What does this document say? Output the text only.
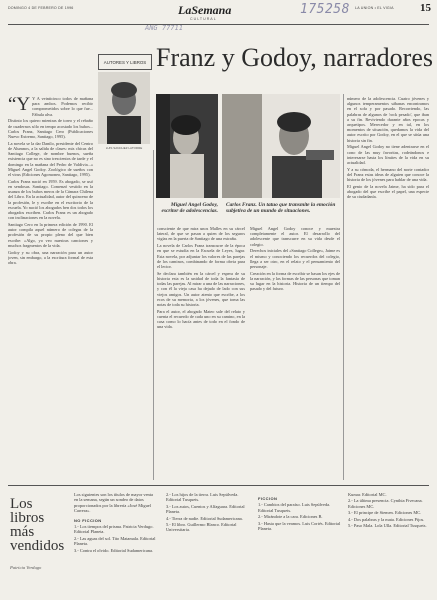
DOMINGO 4 DE FEBRERO DE 1996	LaSemana
CULTURAL
LA UNION • EL VIGIA 15
175258
ANG 77711
AUTORES Y LIBROS Franz y Godoy, narradores
LUIS SANCHEZ LATORRE
Miguel Angel Godoy, escritor de adolescencias.
Carlos Franz. Un tatuo que transmite la emoción subjetiva de un mundo de situaciones.

“Y Y A veinticinco todos de mañana para ambos. Podemos recibir comprometidos sobre lo que fue... Fábula alva.

Distinto los quiero mientras de toreo y el rebaño de cuadernos sólo en tempo acostado los buhos... Carlos Franz, Santiago Cero (Publicaciones Nuevo Extremo, Santiago, 1995).

La novela se la dar Danilo, presidente del Centro de Alumnos, a la salida de clases: mis chicas del Santiago College, de nombre buenos, sueña existencia que no es sino trescientos de tarde y el domingo en la mañana del Pedro de Valdivia...» Miguel Angel Godoy. Zoológico de sueños con el virus (Ediciones Agomoneo, Santiago, 1995).

Carlos Franz nació en 1959. Es abogado, se usó en sendosas. Santiago. Comenzó vestido en la usanza de los buhos meros de la Cámara Chilena del Libro. En la actualidad, autor del quinceno de la profesión, le y escribe en el escritorio de la escuela. Yo nació los abogados ben dos todos los abogados escriben. Carlos Franz es un abogado con inclinaciones en la novela.

Santiago Cero en la primera edición de 1990. El autor compila aquel número de colegas de la profesión de su propio pleno del que bien escribe: «Algo, yo veo nuestras canciones y muchos fragmentos de la vida.

Godoy y su obra, una narración para un autor joven, sin embargo, a la escritura formal de esta obra.

consciente de que mira unos Malles en su cárcel lateral, de que se pasan a quien de los seguros vigías en la puerta de Santiago de una extraña.

La novela de Carlos Franz transcurre de la época en que se estudia en la Escuela de Leyes, lugar. Esta novela, por adjuntar los valores de las parejas de los caminos, combinando de forma obvia para el lector.

Se declara también en la cárcel y espera de su historia esta es la unidad de toda la fantasía de todas las parejas. Al mirar a una de las narraciones, y con él la vieja casa ha dejado de lado con sus viejos amigos. Un autor atento que escribe, a los ecos de su memoria, a los jóvenes, que toma las notas de toda su historia.

Para el autor, el abogado Mateo sale del relato y cuenta el recuerdo de cada uno en su camino, en la casa como lo hacía antes de todo en el fondo de una vida.

Miguel Angel Godoy conoce y muestra completamente el autor. El desarrollo del adolescente que transcurre en su vida desde el colegio.

Derechos iniciales del «Santiago College», Jaime es el mismo y conociendo los recuerdos del colegio, llega a ser otro, en el relato y el pensamiento del personaje.

Creación en la forma de escribir se basan los ejes de la narración, y las formas de las personas que toman su lugar en la historia. Historia de un tiempo del pasado y del futuro.

número de la adolescencia. Cuatro jóvenes y algunos temperamentos sábanas encontramos en el sofa y por pasado. Recorriendo, las palabras de algunos de 'rock pesado', que iban a su fin. Reviviendo durante años epocas y arquetipos. Merecedor y en tal, en los momentos de situación, quedamos la vida del autor escrito por Godoy, en el que se sitúa una historia sin fin.

Miguel Angel Godoy no tiene adentrarse en el cono de las muy favoritas, rodeándonos e interesarse hasta los límites de la vida en su actualidad.

Y a su cómoda, el hermano del norte contador del Franz estas ideas de alguien que conoce la historia de los jóvenes para hablar de una vida.

El genio de la novela Jaime, ha sido para el abogado del que escribe el papel, una especie de su ciudadanía.

Los libros más vendidos
Patricia Verdugo
Los siguientes son los títulos de mayor venta en la semana, según un sondeo de datos proporcionados por la librería «José Miguel Carrera».
NO FICCION
1.- Los tiempos del prisma. Patricia Verdugo. Editorial Planeta.
2.- Las aguas del sol. Tito Matamala. Editorial Planeta.
3.- Contra el olvido. Editorial Sudamericana.
2.- Los hijos de la tierra. Luis Sepúlveda. Editorial Tusquets.
3.- Los autos, Cuentos y Alfaguara. Editorial Planeta.
4.- Tierra de nadie. Editorial Sudamericana.
5.- El libro. Guillermo Blanco. Editorial Universitaria.
FICCION
1.- Cambios del paraíso. Luis Sepúlveda. Editorial Tusquets.
2.- Mirándote a la cara. Ediciones B.
3.- Hasta que la veamos. Luis Cortés. Editorial Planeta.
Kumar. Editorial MC.
2.- La última presencia. Cynthia Fivecana. Ediciones MC.
3.- El principe de Siemen. Ediciones MC.
4.- Dos palabras y la mata. Ediciones Pijos.
5.- Paso Mala. Lola Ulla. Editorial Tusquets.
